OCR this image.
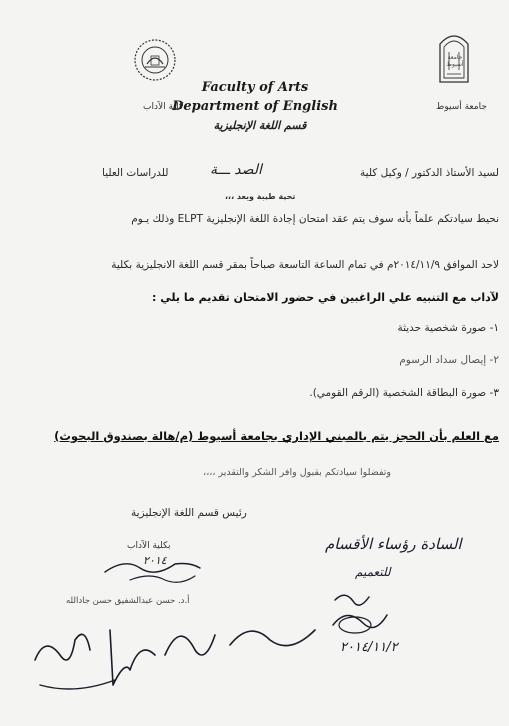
جامعة أسيوط
Faculty of Arts
Department of English
قسم اللغة الإنجليزية
كلية الآداب	جامعة أسيوط
لسيد الأستاذ الدكتور / وكيل كلية
الصد ـــة
للدراسات العليا
تحية طيبة وبعد ،،،
نحيط سيادتكم علماً بأنه سوف يتم عقد امتحان إجادة اللغة الإنجليزية ELPT وذلك يـوم
لاحد الموافق ٢٠١٤/١١/٩م في تمام الساعة التاسعة صباحاً بمقر قسم اللغة الانجليزية بكلية
لآداب مع التنبيه علي الراغبين في حضور الامتحان تقديم ما يلي :
١- صورة شخصية حديثة
٢- إيصال سداد الرسوم
٣- صورة البطاقة الشخصية (الرقم القومي).
مع العلم بأن الحجز يتم بالمبني الإداري بجامعة أسيوط (م/هالة بصندوق البحوث)
وتفضلوا سيادتكم بقبول وافر الشكر والتقدير ،،،،
رئيس قسم اللغة الإنجليزية
بكلية الآداب
٢٠١٤
أ.د. حسن عبدالشفيق حسن جادالله
السادة رؤساء الأقسام
للتعميم
٢٠١٤/١١/٢
